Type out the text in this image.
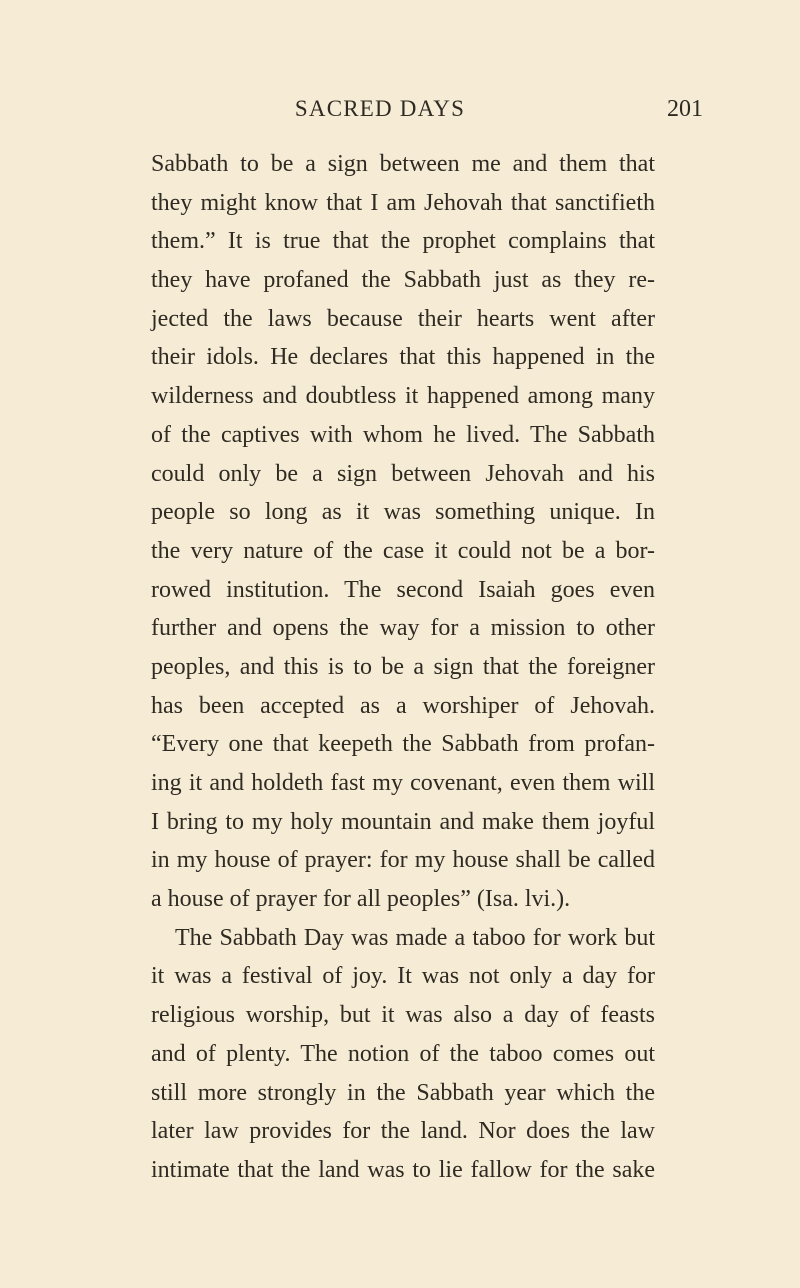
SACRED DAYS	201
Sabbath to be a sign between me and them that
they might know that I am Jehovah that sanctifieth
them.” It is true that the prophet complains that
they have profaned the Sabbath just as they re-
jected the laws because their hearts went after
their idols. He declares that this happened in the
wilderness and doubtless it happened among many
of the captives with whom he lived. The Sabbath
could only be a sign between Jehovah and his
people so long as it was something unique. In
the very nature of the case it could not be a bor-
rowed institution. The second Isaiah goes even
further and opens the way for a mission to other
peoples, and this is to be a sign that the foreigner
has been accepted as a worshiper of Jehovah.
“Every one that keepeth the Sabbath from profan-
ing it and holdeth fast my covenant, even them will
I bring to my holy mountain and make them joyful
in my house of prayer: for my house shall be called
a house of prayer for all peoples” (Isa. lvi.).
The Sabbath Day was made a taboo for work but
it was a festival of joy. It was not only a day for
religious worship, but it was also a day of feasts
and of plenty. The notion of the taboo comes out
still more strongly in the Sabbath year which the
later law provides for the land. Nor does the law
intimate that the land was to lie fallow for the sake
